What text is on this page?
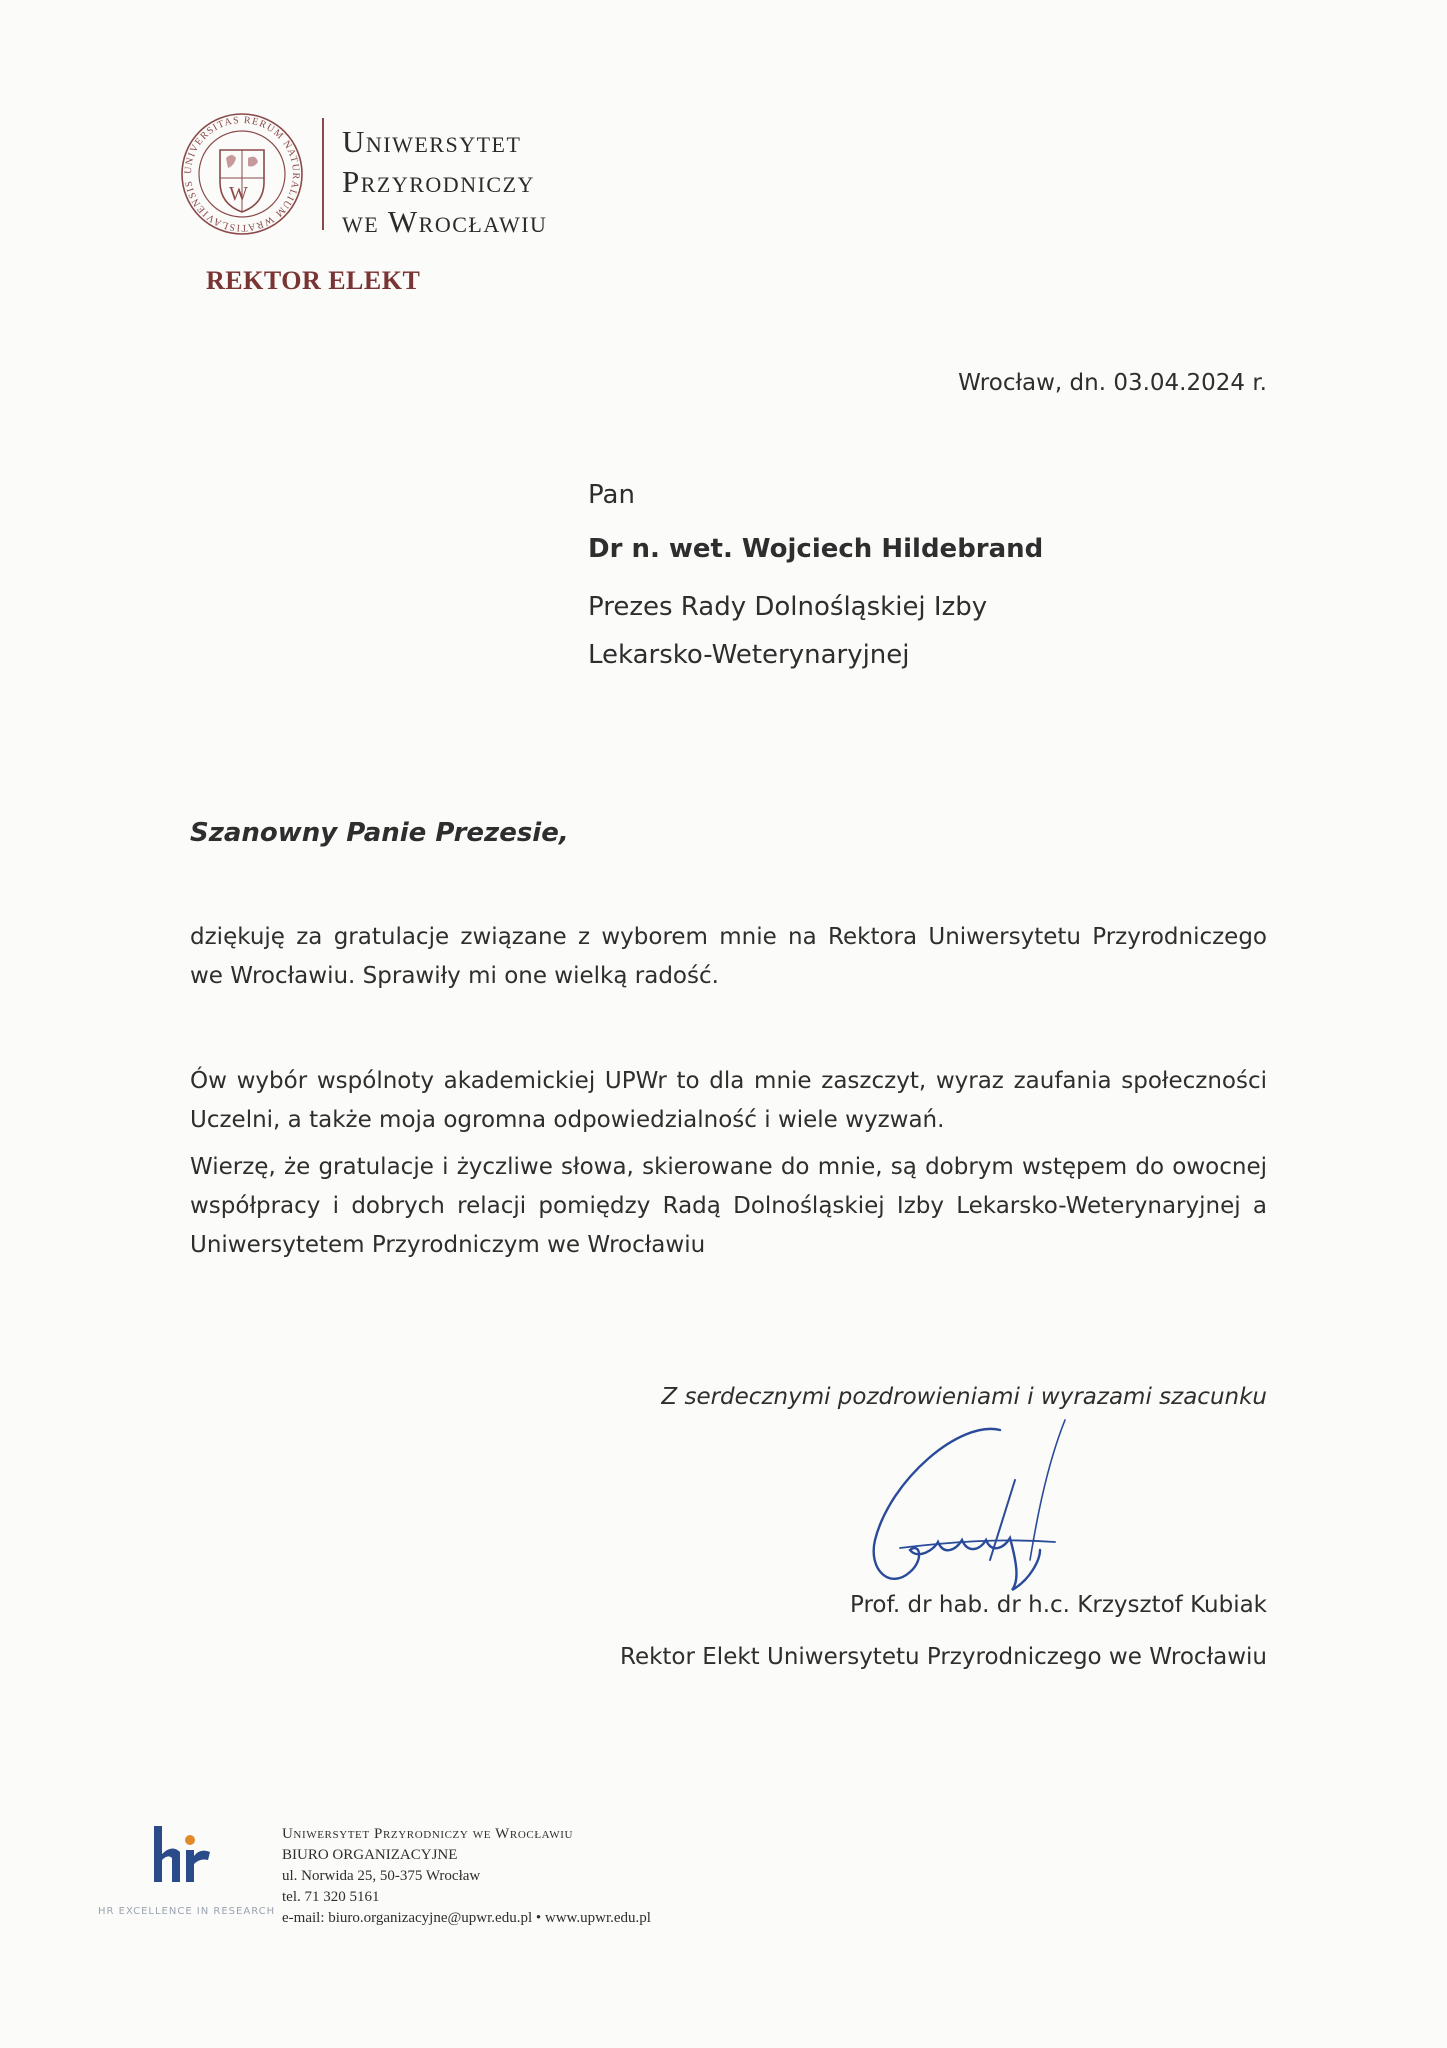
UNIVERSITAS RERUM NATURALIUM WRATISLAVIENSIS	W
Uniwersytet
Przyrodniczy
we Wrocławiu
REKTOR ELEKT
Wrocław, dn. 03.04.2024 r.
Pan
Dr n. wet. Wojciech Hildebrand
Prezes Rady Dolnośląskiej Izby
Lekarsko-Weterynaryjnej
Szanowny Panie Prezesie,
dziękuję za gratulacje związane z wyborem mnie na Rektora Uniwersytetu Przyrodniczego we Wrocławiu. Sprawiły mi one wielką radość.
Ów wybór wspólnoty akademickiej UPWr to dla mnie zaszczyt, wyraz zaufania społeczności Uczelni, a także moja ogromna odpowiedzialność i wiele wyzwań.
Wierzę, że gratulacje i życzliwe słowa, skierowane do mnie, są dobrym wstępem do owocnej współpracy i dobrych relacji pomiędzy Radą Dolnośląskiej Izby Lekarsko-Weterynaryjnej a Uniwersytetem Przyrodniczym we Wrocławiu
Z serdecznymi pozdrowieniami i wyrazami szacunku
Prof. dr hab. dr h.c. Krzysztof Kubiak
Rektor Elekt Uniwersytetu Przyrodniczego we Wrocławiu
HR EXCELLENCE IN RESEARCH
Uniwersytet Przyrodniczy we Wrocławiu
BIURO ORGANIZACYJNE
ul. Norwida 25, 50-375 Wrocław
tel. 71 320 5161
e-mail: biuro.organizacyjne@upwr.edu.pl • www.upwr.edu.pl
